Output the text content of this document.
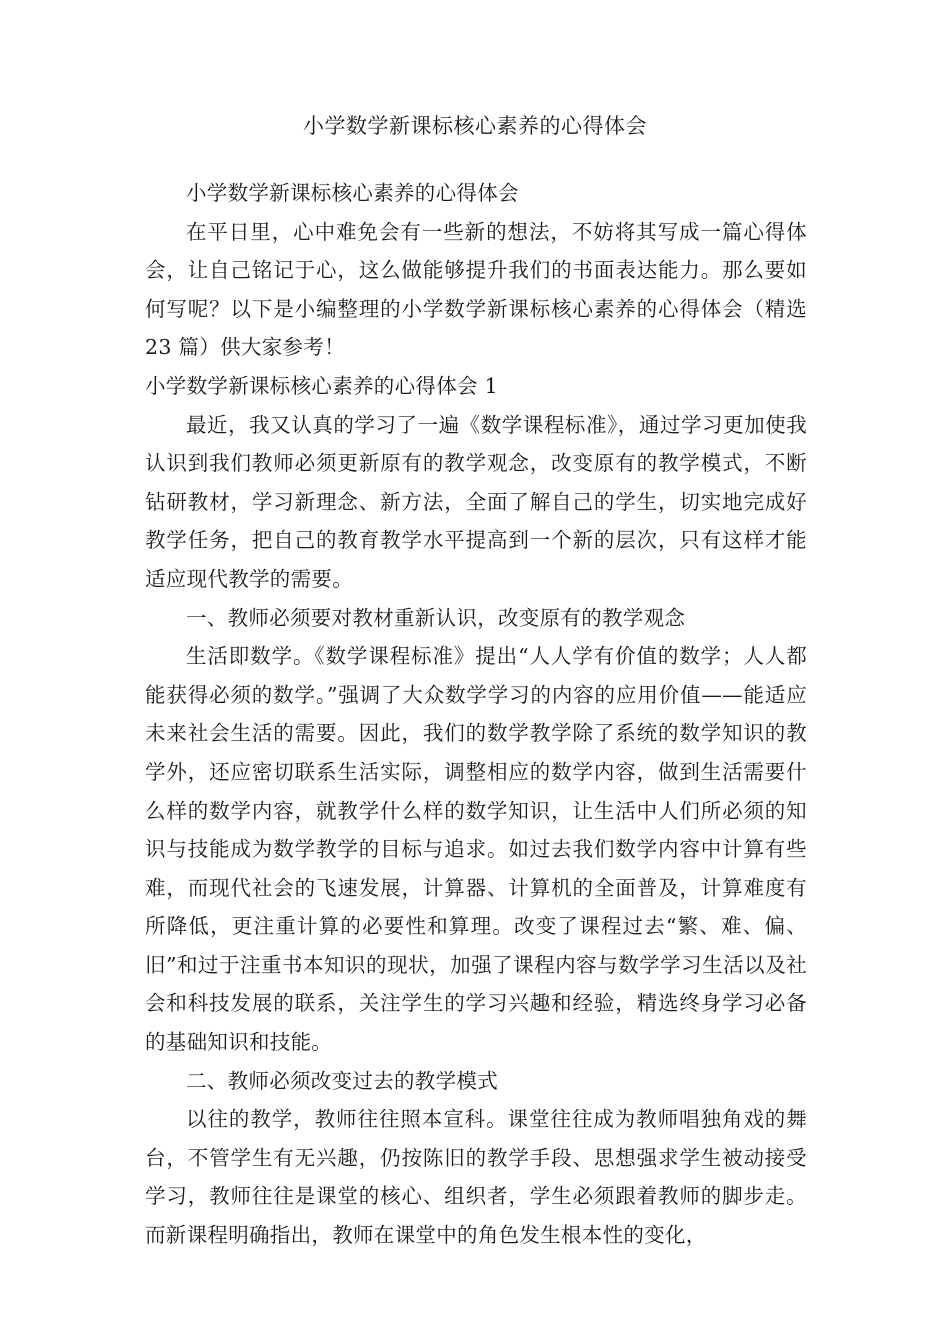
小学数学新课标核心素养的心得体会

小学数学新课标核心素养的心得体会

在平日里，心中难免会有一些新的想法，不妨将其写成一篇心得体会，让自己铭记于心，这么做能够提升我们的书面表达能力。那么要如何写呢？以下是小编整理的小学数学新课标核心素养的心得体会（精选 23 篇）供大家参考！

小学数学新课标核心素养的心得体会 1

最近，我又认真的学习了一遍《数学课程标准》，通过学习更加使我认识到我们教师必须更新原有的教学观念，改变原有的教学模式，不断钻研教材，学习新理念、新方法，全面了解自己的学生，切实地完成好教学任务，把自己的教育教学水平提高到一个新的层次，只有这样才能适应现代教学的需要。

一、教师必须要对教材重新认识，改变原有的教学观念

生活即数学。《数学课程标准》提出“人人学有价值的数学；人人都能获得必须的数学。”强调了大众数学学习的内容的应用价值——能适应未来社会生活的需要。因此，我们的数学教学除了系统的数学知识的教学外，还应密切联系生活实际，调整相应的数学内容，做到生活需要什么样的数学内容，就教学什么样的数学知识，让生活中人们所必须的知识与技能成为数学教学的目标与追求。如过去我们数学内容中计算有些难，而现代社会的飞速发展，计算器、计算机的全面普及，计算难度有所降低，更注重计算的必要性和算理。改变了课程过去“繁、难、偏、旧”和过于注重书本知识的现状，加强了课程内容与数学学习生活以及社会和科技发展的联系，关注学生的学习兴趣和经验，精选终身学习必备的基础知识和技能。

二、教师必须改变过去的教学模式

以往的教学，教师往往照本宣科。课堂往往成为教师唱独角戏的舞台，不管学生有无兴趣，仍按陈旧的教学手段、思想强求学生被动接受学习，教师往往是课堂的核心、组织者，学生必须跟着教师的脚步走。而新课程明确指出，教师在课堂中的角色发生根本性的变化，
